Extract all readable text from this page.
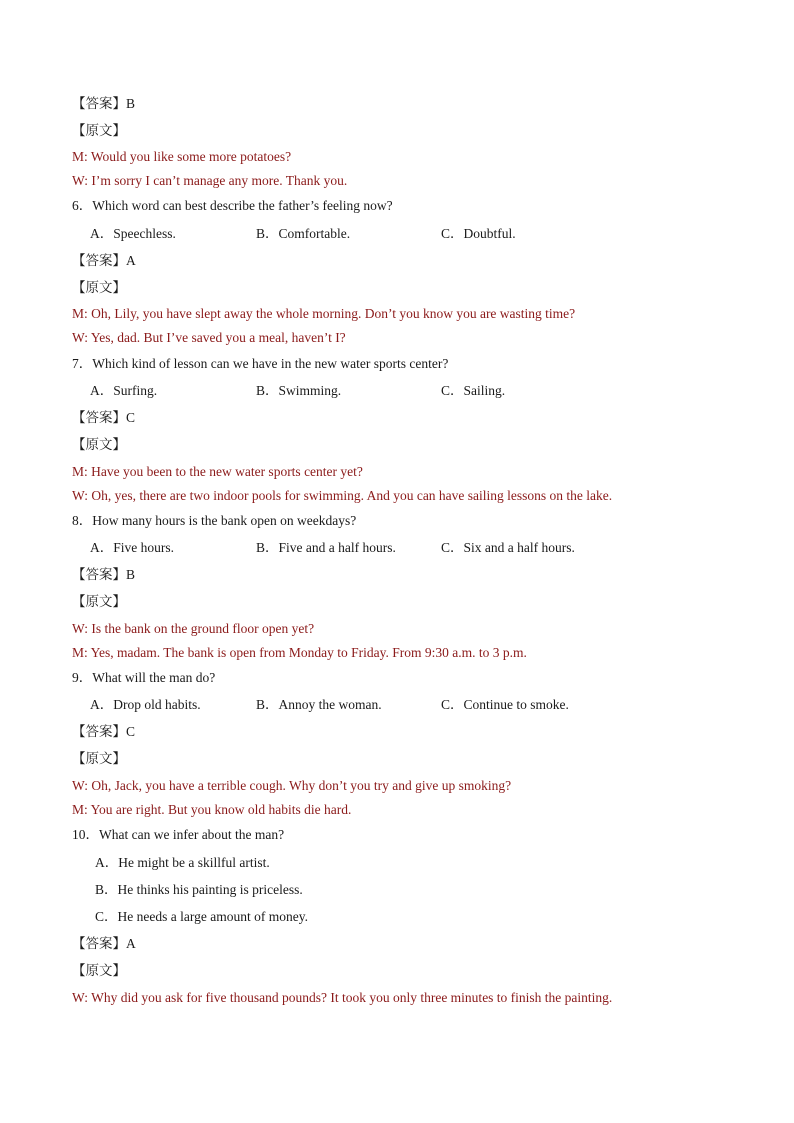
【答案】B
【原文】
M: Would you like some more potatoes?
W: I’m sorry I can’t manage any more. Thank you.
6．Which word can best describe the father’s feeling now?
A．Speechless.	B．Comfortable.	C．Doubtful.
【答案】A
【原文】
M: Oh, Lily, you have slept away the whole morning. Don’t you know you are wasting time?
W: Yes, dad. But I’ve saved you a meal, haven’t I?
7．Which kind of lesson can we have in the new water sports center?
A．Surfing.	B．Swimming.	C．Sailing.
【答案】C
【原文】
M: Have you been to the new water sports center yet?
W: Oh, yes, there are two indoor pools for swimming. And you can have sailing lessons on the lake.
8．How many hours is the bank open on weekdays?
A．Five hours.	B．Five and a half hours.	C．Six and a half hours.
【答案】B
【原文】
W: Is the bank on the ground floor open yet?
M: Yes, madam. The bank is open from Monday to Friday. From 9:30 a.m. to 3 p.m.
9．What will the man do?
A．Drop old habits.	B．Annoy the woman.	C．Continue to smoke.
【答案】C
【原文】
W: Oh, Jack, you have a terrible cough. Why don’t you try and give up smoking?
M: You are right. But you know old habits die hard.
10．What can we infer about the man?
A．He might be a skillful artist.
B．He thinks his painting is priceless.
C．He needs a large amount of money.
【答案】A
【原文】
W: Why did you ask for five thousand pounds? It took you only three minutes to finish the painting.
